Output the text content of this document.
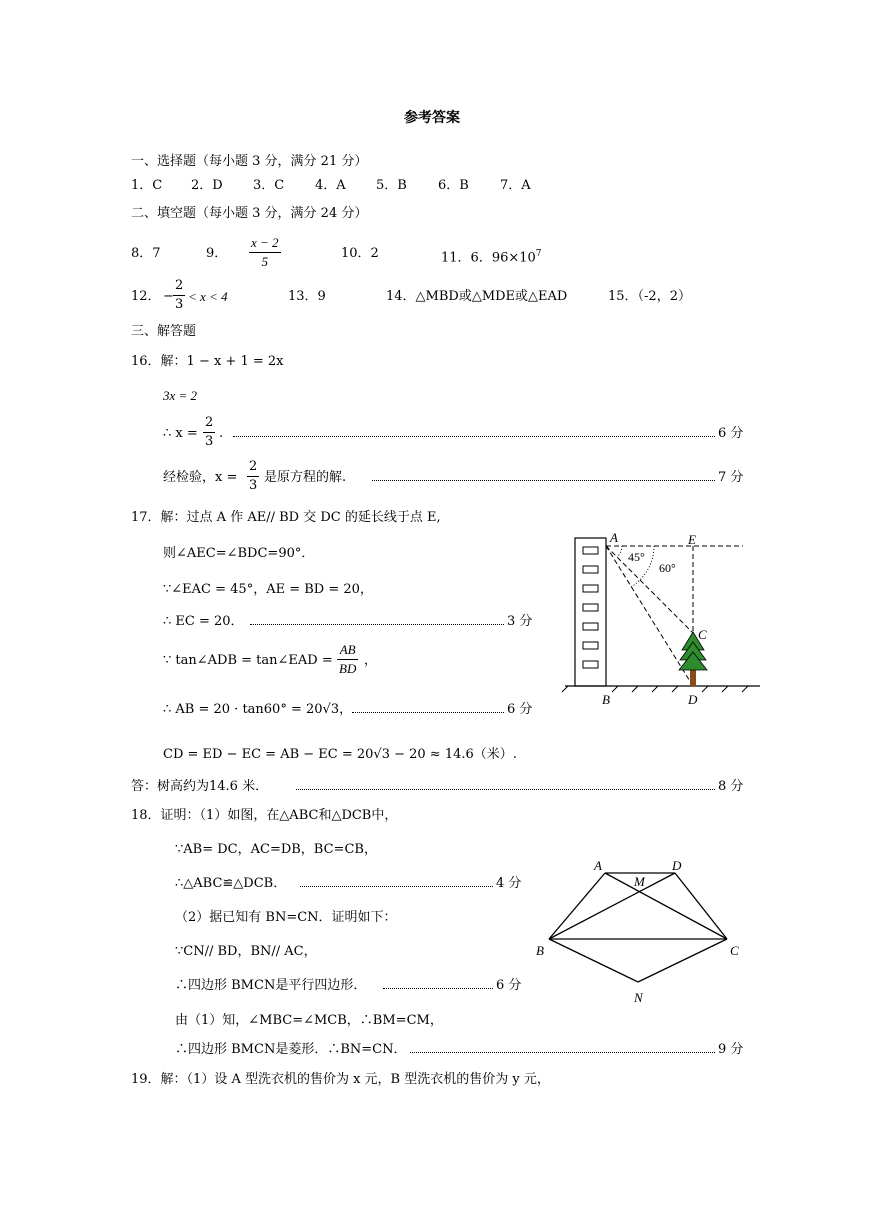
参考答案
一、选择题（每小题 3 分，满分 21 分）
1．C 2．D 3．C 4．A 5．B 6．B 7．A
二、填空题（每小题 3 分，满分 24 分）
8．7	9． $\frac{x - 2}{5}$	10．2	11．6．$96\times 10^7$
12． − $\frac{2}{3} < x < 4$	13．9	14．△MBD或△MDE或△EAD	15．（-2，2）
三、解答题
16．解：1 − x + 1 = 2x
3x = 2
∴ $x = \frac{2}{3}$ .	6 分
经检验，$x = \frac{2}{3}$ 是原方程的解.	7 分
17．解：过点 A 作 AE// BD 交 DC 的延长线于点 E,
则∠AEC=∠BDC=90°．
∵∠EAC = 45°，AE = BD = 20，
∴ EC = 20．	3 分
∵ tan∠ADB = tan∠EAD = $\frac{AB}{BD}$ ，
∴ AB = 20 · tan60° = 20√3，	6 分
CD = ED − EC = AB − EC = 20√3 − 20 ≈ 14.6（米）.
答：树高约为14.6 米．	8 分
A	E
C
B	D
45°
60°
18．证明：（1）如图，在△ABC和△DCB中，
∵AB= DC，AC=DB，BC=CB，
∴△ABC≌△DCB．	4 分
（2）据已知有 BN=CN．证明如下：
∵CN// BD，BN// AC，
∴四边形 BMCN是平行四边形．	6 分
由（1）知，∠MBC=∠MCB，∴BM=CM，
∴四边形 BMCN是菱形．∴BN=CN．	9 分
A
M
D
B	C
N
19．解：（1）设 A 型洗衣机的售价为 x 元，B 型洗衣机的售价为 y 元，
